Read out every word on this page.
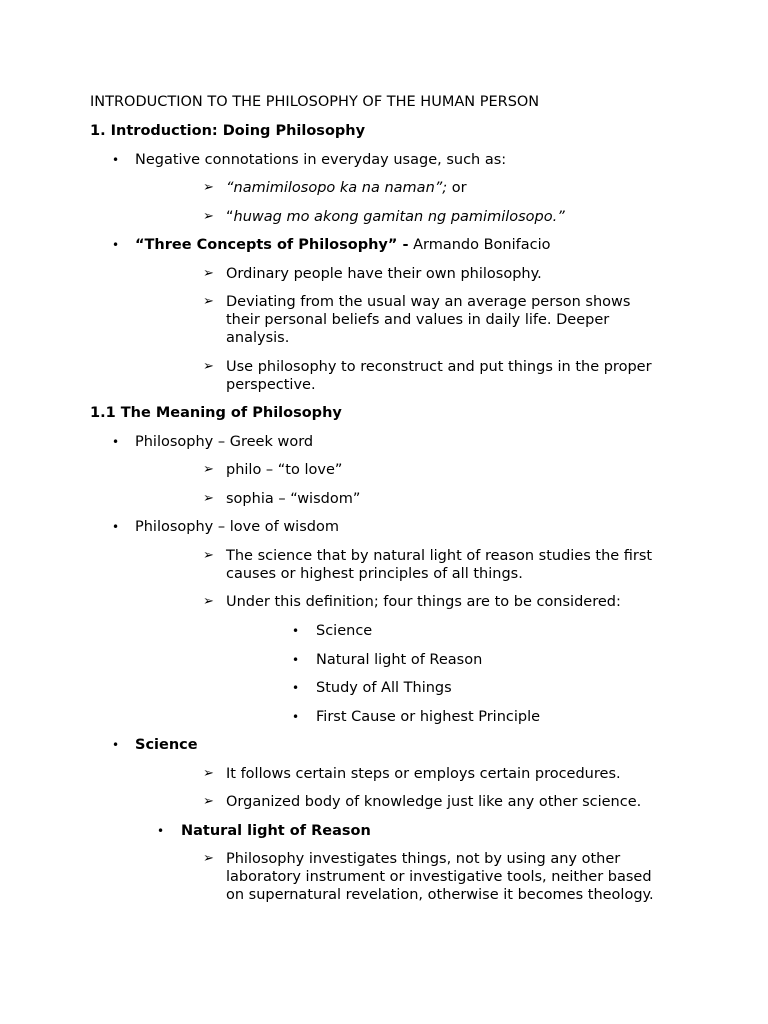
INTRODUCTION TO THE PHILOSOPHY OF THE HUMAN PERSON
1. Introduction: Doing Philosophy
• Negative connotations in everyday usage, such as:
➢ “namimilosopo ka na naman”; or
➢ “huwag mo akong gamitan ng pamimilosopo.”
• “Three Concepts of Philosophy” - Armando Bonifacio
➢ Ordinary people have their own philosophy.
➢ Deviating from the usual way an average person shows their personal beliefs and values in daily life. Deeper analysis.
➢ Use philosophy to reconstruct and put things in the proper perspective.
1.1 The Meaning of Philosophy
• Philosophy – Greek word
➢ philo – “to love”
➢ sophia – “wisdom”
• Philosophy – love of wisdom
➢ The science that by natural light of reason studies the first causes or highest principles of all things.
➢ Under this definition; four things are to be considered:
• Science
• Natural light of Reason
• Study of All Things
• First Cause or highest Principle
• Science
➢ It follows certain steps or employs certain procedures.
➢ Organized body of knowledge just like any other science.
• Natural light of Reason
➢ Philosophy investigates things, not by using any other laboratory instrument or investigative tools, neither based on supernatural revelation, otherwise it becomes theology.
